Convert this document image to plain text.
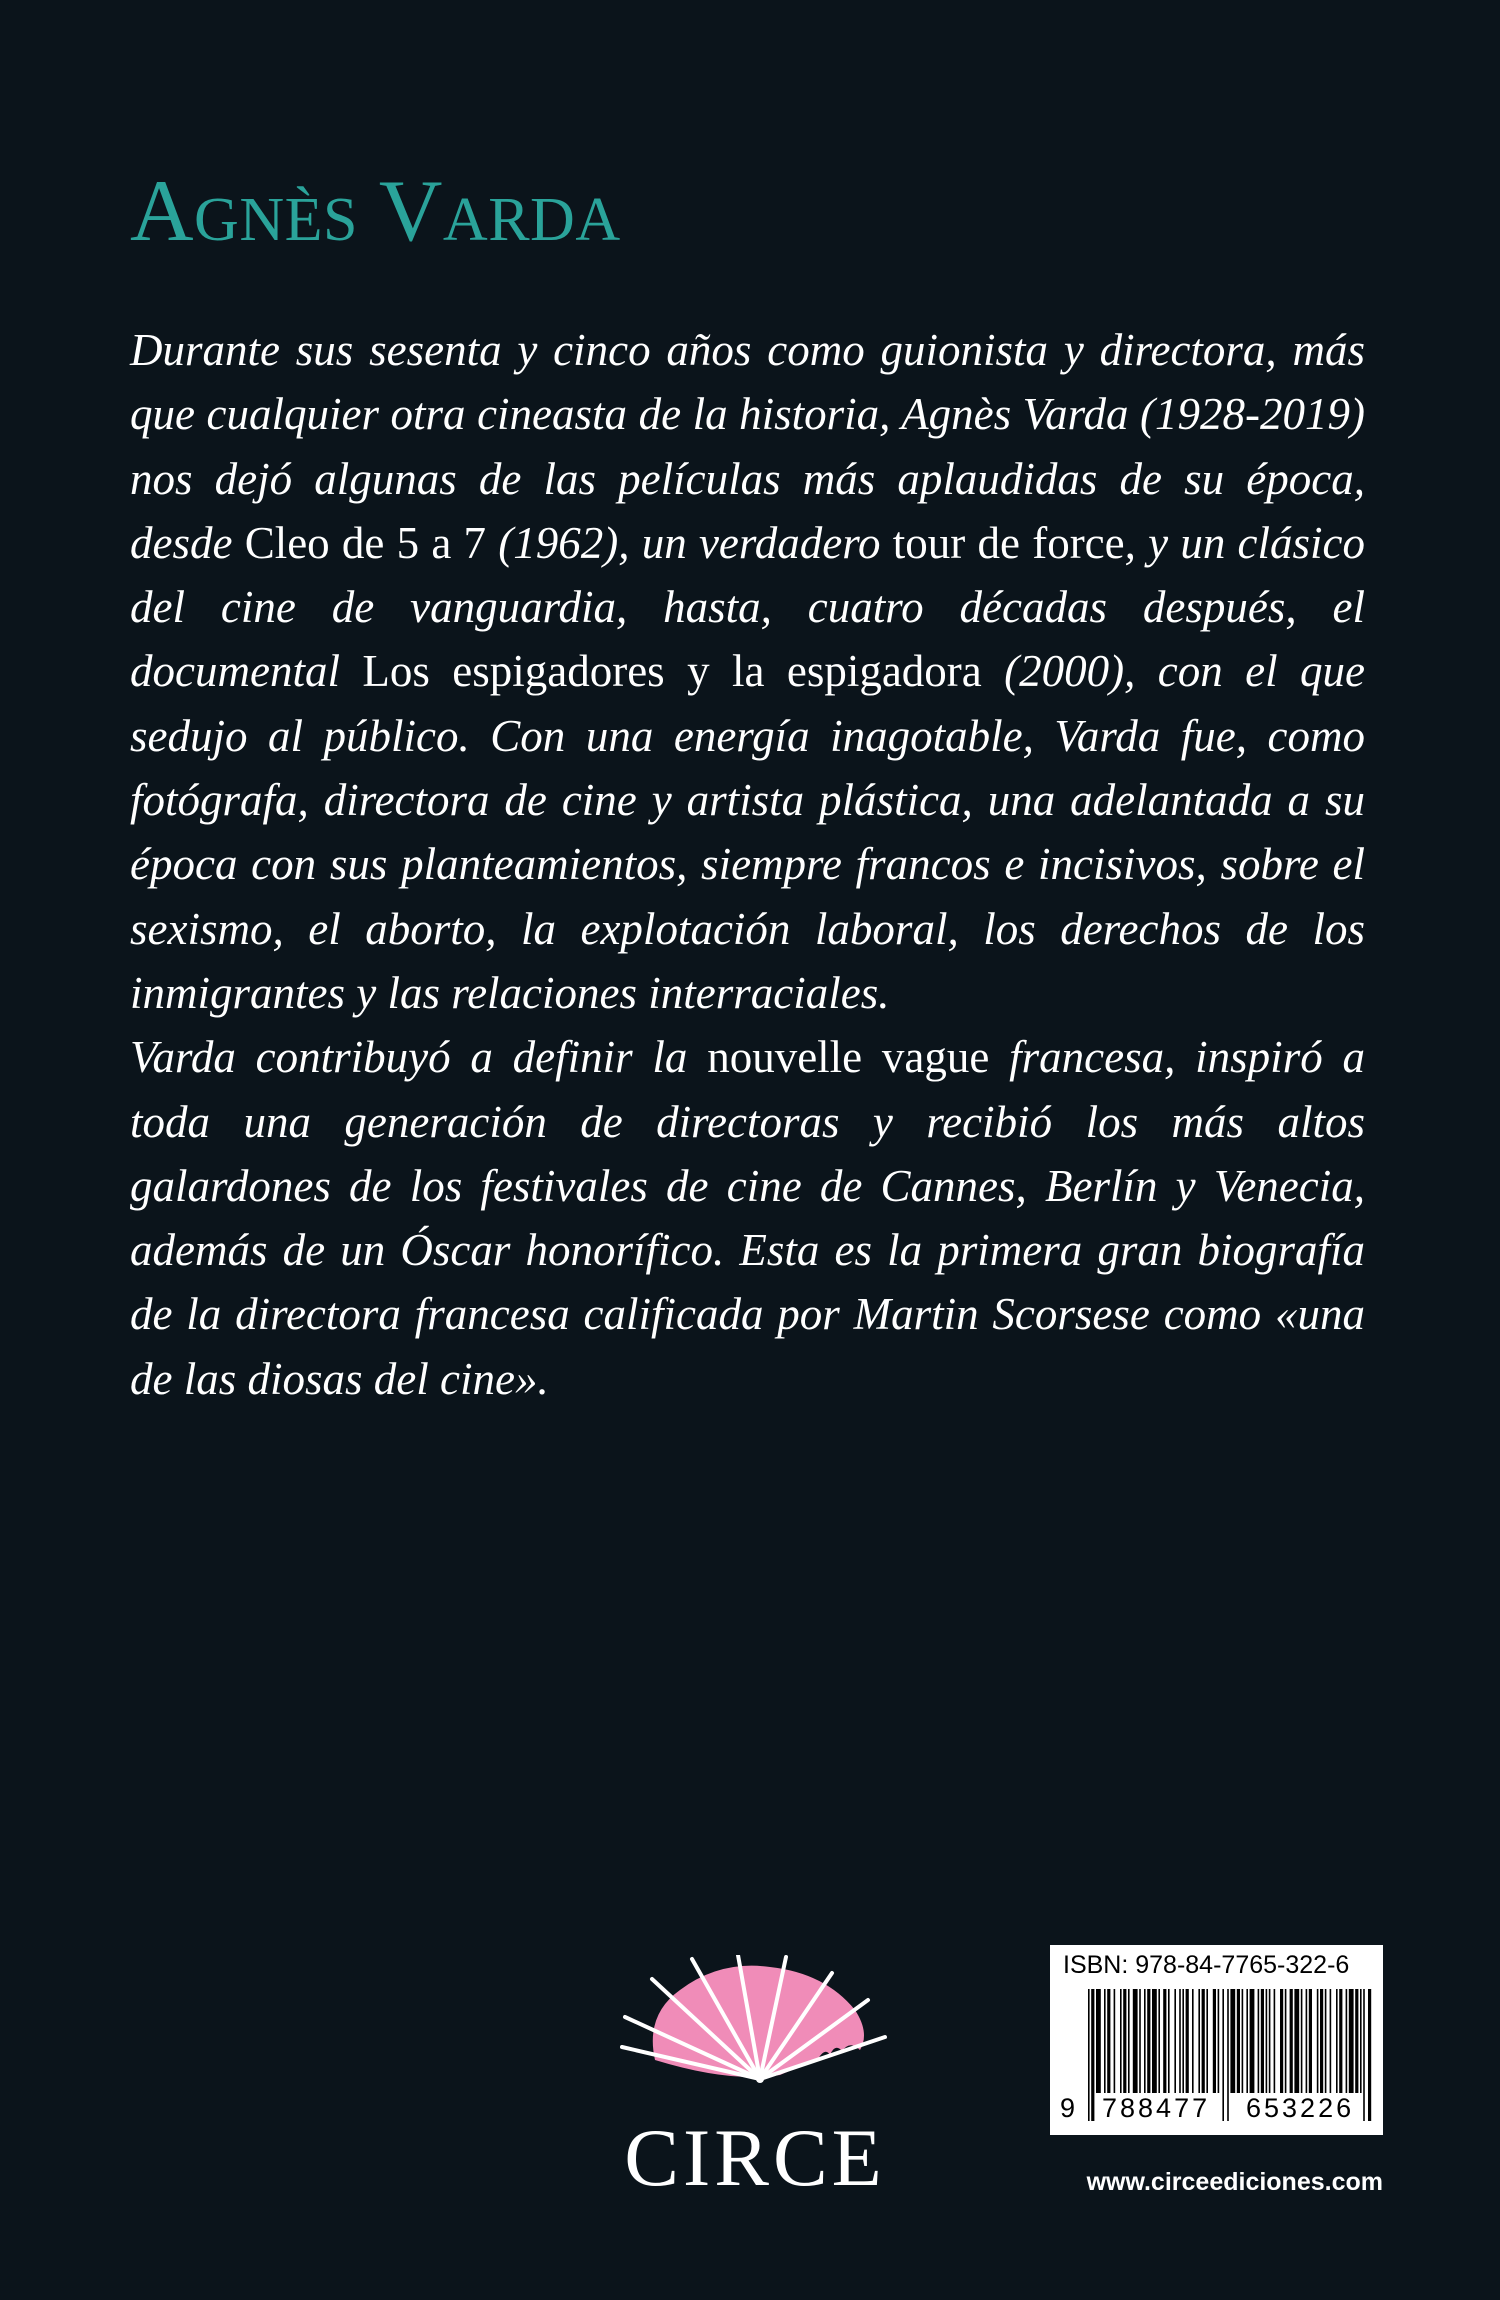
Agnès Varda

Durante sus sesenta y cinco años como guionista y directora, más que cualquier otra cineasta de la historia, Agnès Varda (1928-2019) nos dejó algunas de las películas más aplaudidas de su época, desde Cleo de 5 a 7 (1962), un verdadero tour de force, y un clásico del cine de vanguardia, hasta, cuatro décadas después, el documental Los espigadores y la espigadora (2000), con el que sedujo al público. Con una energía inagotable, Varda fue, como fotógrafa, directora de cine y artista plástica, una adelantada a su época con sus planteamientos, siempre francos e incisivos, sobre el sexismo, el aborto, la explotación laboral, los derechos de los inmigrantes y las relaciones interraciales.

Varda contribuyó a definir la nouvelle vague francesa, inspiró a toda una generación de directoras y recibió los más altos galardones de los festivales de cine de Cannes, Berlín y Venecia, además de un Óscar honorífico. Esta es la primera gran biografía de la directora francesa calificada por Martin Scorsese como «una de las diosas del cine».

CIRCE

ISBN: 978-84-7765-322-6

9 788477 653226

www.circeediciones.com
